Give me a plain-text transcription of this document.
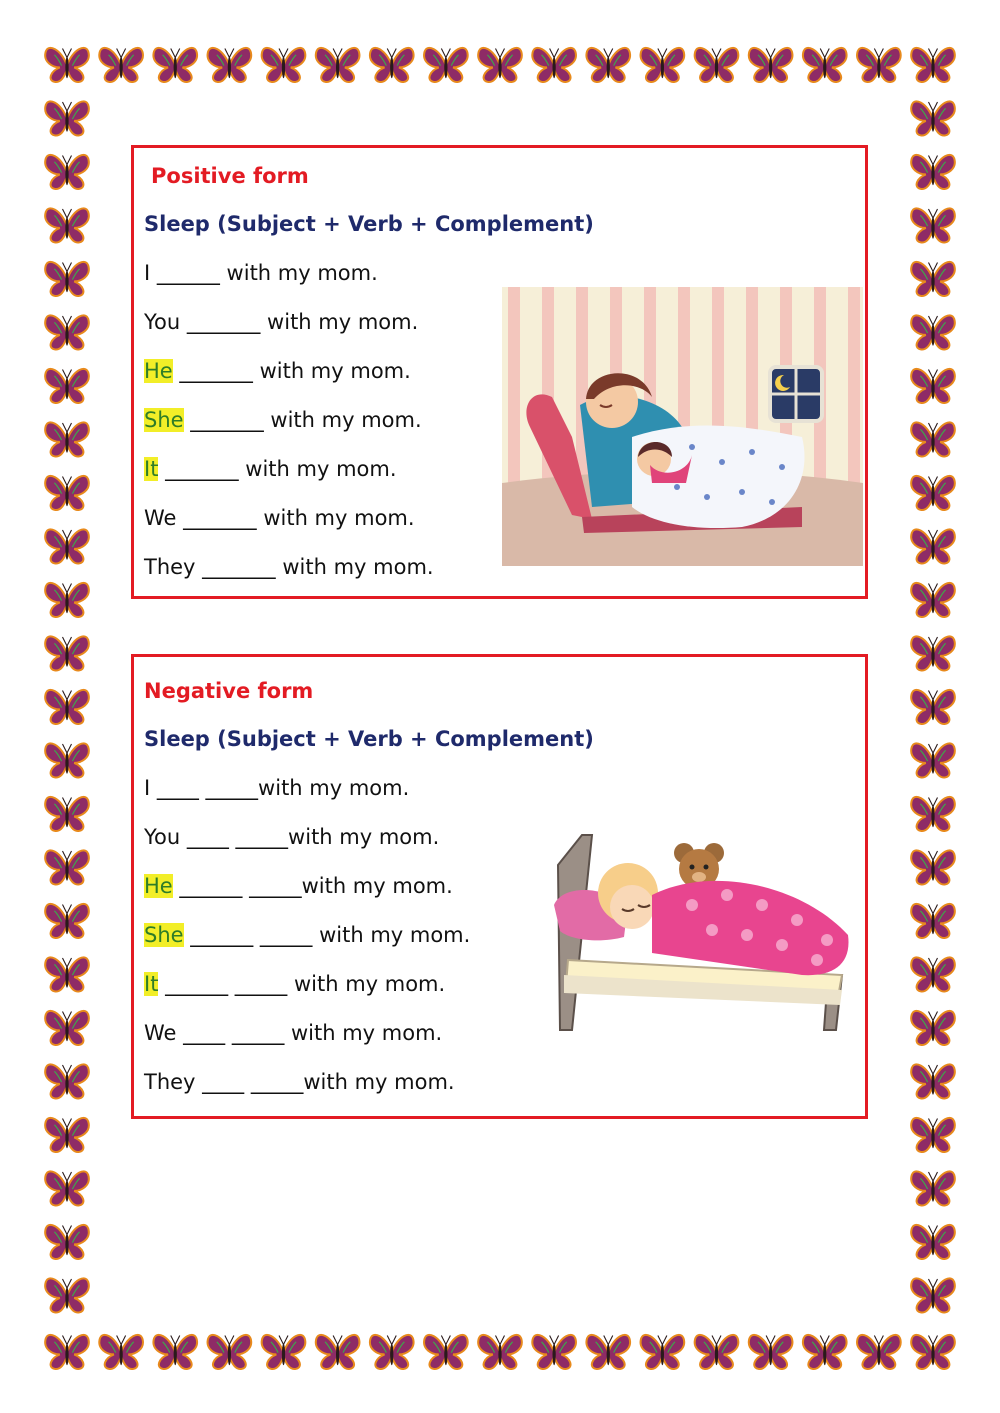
Positive form
Sleep (Subject + Verb + Complement)
I ______ with my mom.
You _______ with my mom.
He _______ with my mom.
She _______ with my mom.
It _______ with my mom.
We _______ with my mom.
They _______ with my mom.
Negative form
Sleep (Subject + Verb + Complement)
I ____ _____with my mom.
You ____ _____with my mom.
He ______ _____with my mom.
She ______ _____ with my mom.
It ______ _____ with my mom.
We ____ _____ with my mom.
They ____ _____with my mom.
